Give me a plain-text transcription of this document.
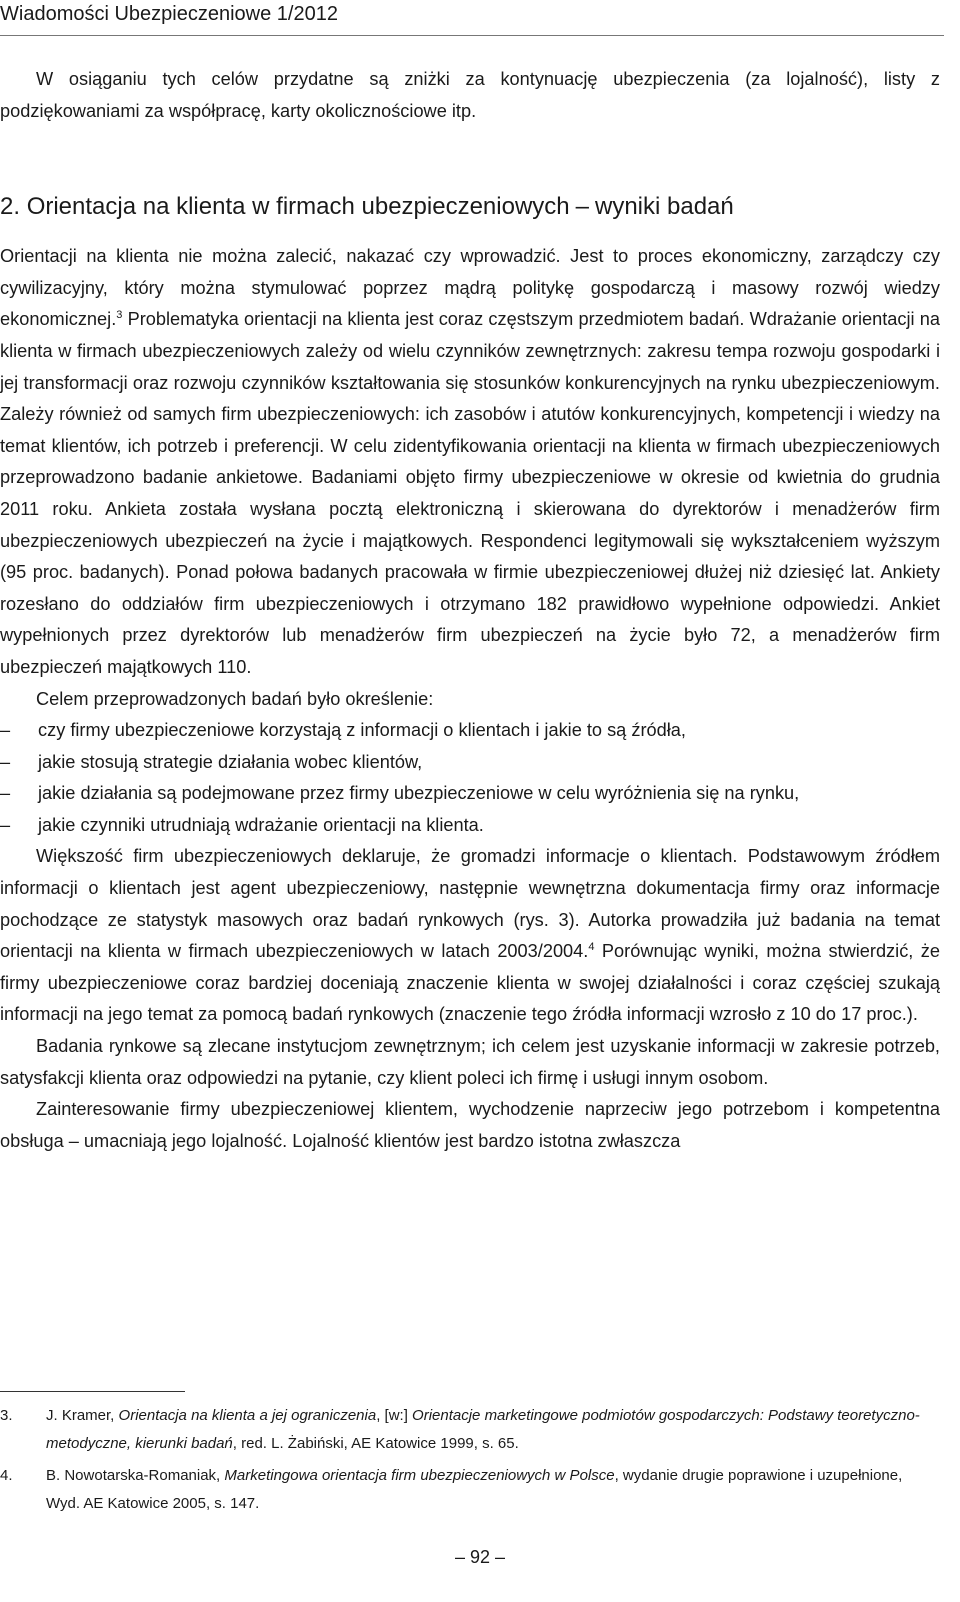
Wiadomości Ubezpieczeniowe 1/2012

W osiąganiu tych celów przydatne są zniżki za kontynuację ubezpieczenia (za lojalność), listy z podziękowaniami za współpracę, karty okolicznościowe itp.

2. Orientacja na klienta w firmach ubezpieczeniowych – wyniki badań

Orientacji na klienta nie można zalecić, nakazać czy wprowadzić. Jest to proces ekonomiczny, zarządczy czy cywilizacyjny, który można stymulować poprzez mądrą politykę gospodarczą i masowy rozwój wiedzy ekonomicznej.$^3$ Problematyka orientacji na klienta jest coraz częstszym przedmiotem badań. Wdrażanie orientacji na klienta w firmach ubezpieczeniowych zależy od wielu czynników zewnętrznych: zakresu tempa rozwoju gospodarki i jej transformacji oraz rozwoju czynników kształtowania się stosunków konkurencyjnych na rynku ubezpieczeniowym. Zależy również od samych firm ubezpieczeniowych: ich zasobów i atutów konkurencyjnych, kompetencji i wiedzy na temat klientów, ich potrzeb i preferencji. W celu zidentyfikowania orientacji na klienta w firmach ubezpieczeniowych przeprowadzono badanie ankietowe. Badaniami objęto firmy ubezpieczeniowe w okresie od kwietnia do grudnia 2011 roku. Ankieta została wysłana pocztą elektroniczną i skierowana do dyrektorów i menadżerów firm ubezpieczeniowych ubezpieczeń na życie i majątkowych. Respondenci legitymowali się wykształceniem wyższym (95 proc. badanych). Ponad połowa badanych pracowała w firmie ubezpieczeniowej dłużej niż dziesięć lat. Ankiety rozesłano do oddziałów firm ubezpieczeniowych i otrzymano 182 prawidłowo wypełnione odpowiedzi. Ankiet wypełnionych przez dyrektorów lub menadżerów firm ubezpieczeń na życie było 72, a menadżerów firm ubezpieczeń majątkowych 110.

Celem przeprowadzonych badań było określenie:

–	czy firmy ubezpieczeniowe korzystają z informacji o klientach i jakie to są źródła,
–	jakie stosują strategie działania wobec klientów,
–	jakie działania są podejmowane przez firmy ubezpieczeniowe w celu wyróżnienia się na rynku,
–	jakie czynniki utrudniają wdrażanie orientacji na klienta.

Większość firm ubezpieczeniowych deklaruje, że gromadzi informacje o klientach. Podstawowym źródłem informacji o klientach jest agent ubezpieczeniowy, następnie wewnętrzna dokumentacja firmy oraz informacje pochodzące ze statystyk masowych oraz badań rynkowych (rys. 3). Autorka prowadziła już badania na temat orientacji na klienta w firmach ubezpieczeniowych w latach 2003/2004.$^4$ Porównując wyniki, można stwierdzić, że firmy ubezpieczeniowe coraz bardziej doceniają znaczenie klienta w swojej działalności i coraz częściej szukają informacji na jego temat za pomocą badań rynkowych (znaczenie tego źródła informacji wzrosło z 10 do 17 proc.).

Badania rynkowe są zlecane instytucjom zewnętrznym; ich celem jest uzyskanie informacji w zakresie potrzeb, satysfakcji klienta oraz odpowiedzi na pytanie, czy klient poleci ich firmę i usługi innym osobom.

Zainteresowanie firmy ubezpieczeniowej klientem, wychodzenie naprzeciw jego potrzebom i kompetentna obsługa – umacniają jego lojalność. Lojalność klientów jest bardzo istotna zwłaszcza

3. J. Kramer, Orientacja na klienta a jej ograniczenia, [w:] Orientacje marketingowe podmiotów gospodarczych: Podstawy teoretyczno-metodyczne, kierunki badań, red. L. Żabiński, AE Katowice 1999, s. 65.
4. B. Nowotarska-Romaniak, Marketingowa orientacja firm ubezpieczeniowych w Polsce, wydanie drugie poprawione i uzupełnione, Wyd. AE Katowice 2005, s. 147.
– 92 –
